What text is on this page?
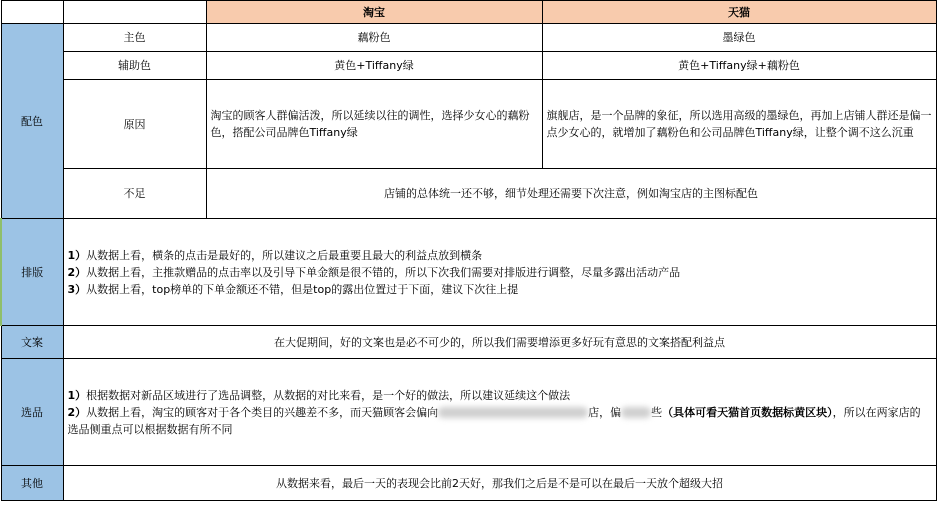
		淘宝	天猫
配色	主色	藕粉色	墨绿色
	辅助色	黄色+Tiffany绿	黄色+Tiffany绿+藕粉色
	原因	淘宝的顾客人群偏活泼，所以延续以往的调性，选择少女心的藕粉色，搭配公司品牌色Tiffany绿	旗舰店，是一个品牌的象征，所以选用高级的墨绿色，再加上店铺人群还是偏一点少女心的，就增加了藕粉色和公司品牌色Tiffany绿，让整个调不这么沉重
	不足	店铺的总体统一还不够，细节处理还需要下次注意，例如淘宝店的主图标配色	
排版	1）从数据上看，横条的点击是最好的，所以建议之后最重要且最大的利益点放到横条
2）从数据上看，主推款赠品的点击率以及引导下单金额是很不错的，所以下次我们需要对排版进行调整，尽量多露出活动产品
3）从数据上看，top榜单的下单金额还不错，但是top的露出位置过于下面，建议下次往上提		

文案	在大促期间，好的文案也是必不可少的，所以我们需要增添更多好玩有意思的文案搭配利益点		
选品	1）根据数据对新品区域进行了选品调整，从数据的对比来看，是一个好的做法，所以建议延续这个做法
2）从数据上看，淘宝的顾客对于各个类目的兴趣差不多，而天猫顾客会偏向 店，偏 些（具体可看天猫首页数据标黄区块），所以在两家店的选品侧重点可以根据数据有所不同		

其他	从数据来看，最后一天的表现会比前2天好，那我们之后是不是可以在最后一天放个超级大招		
